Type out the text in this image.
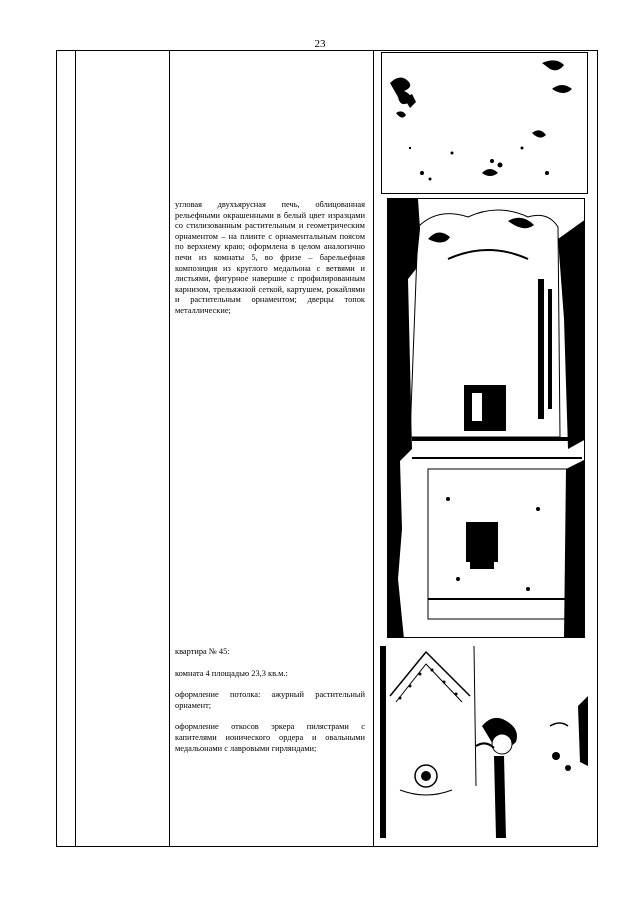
23
угловая двухъярусная печь, облицованная рельефными окрашенными в белый цвет изразцами со стилизованным растительным и геометрическим орнаментом – на плинте с орнаментальным поясом по верхнему краю; оформлена в целом аналогично печи из комнаты 5, во фризе – барельефная композиция из круглого медальона с ветвями и листьями, фигурное навершие с профилированным карнизом, трельяжной сеткой, картушем, рокайлями и растительным орнаментом; дверцы топок металлические;

квартира № 45:

комната 4 площадью 23,3 кв.м.:

оформление потолка: ажурный растительный орнамент;

оформление откосов эркера пилястрами с капителями ионического ордера и овальными медальонами с лавровыми гирляндами;
